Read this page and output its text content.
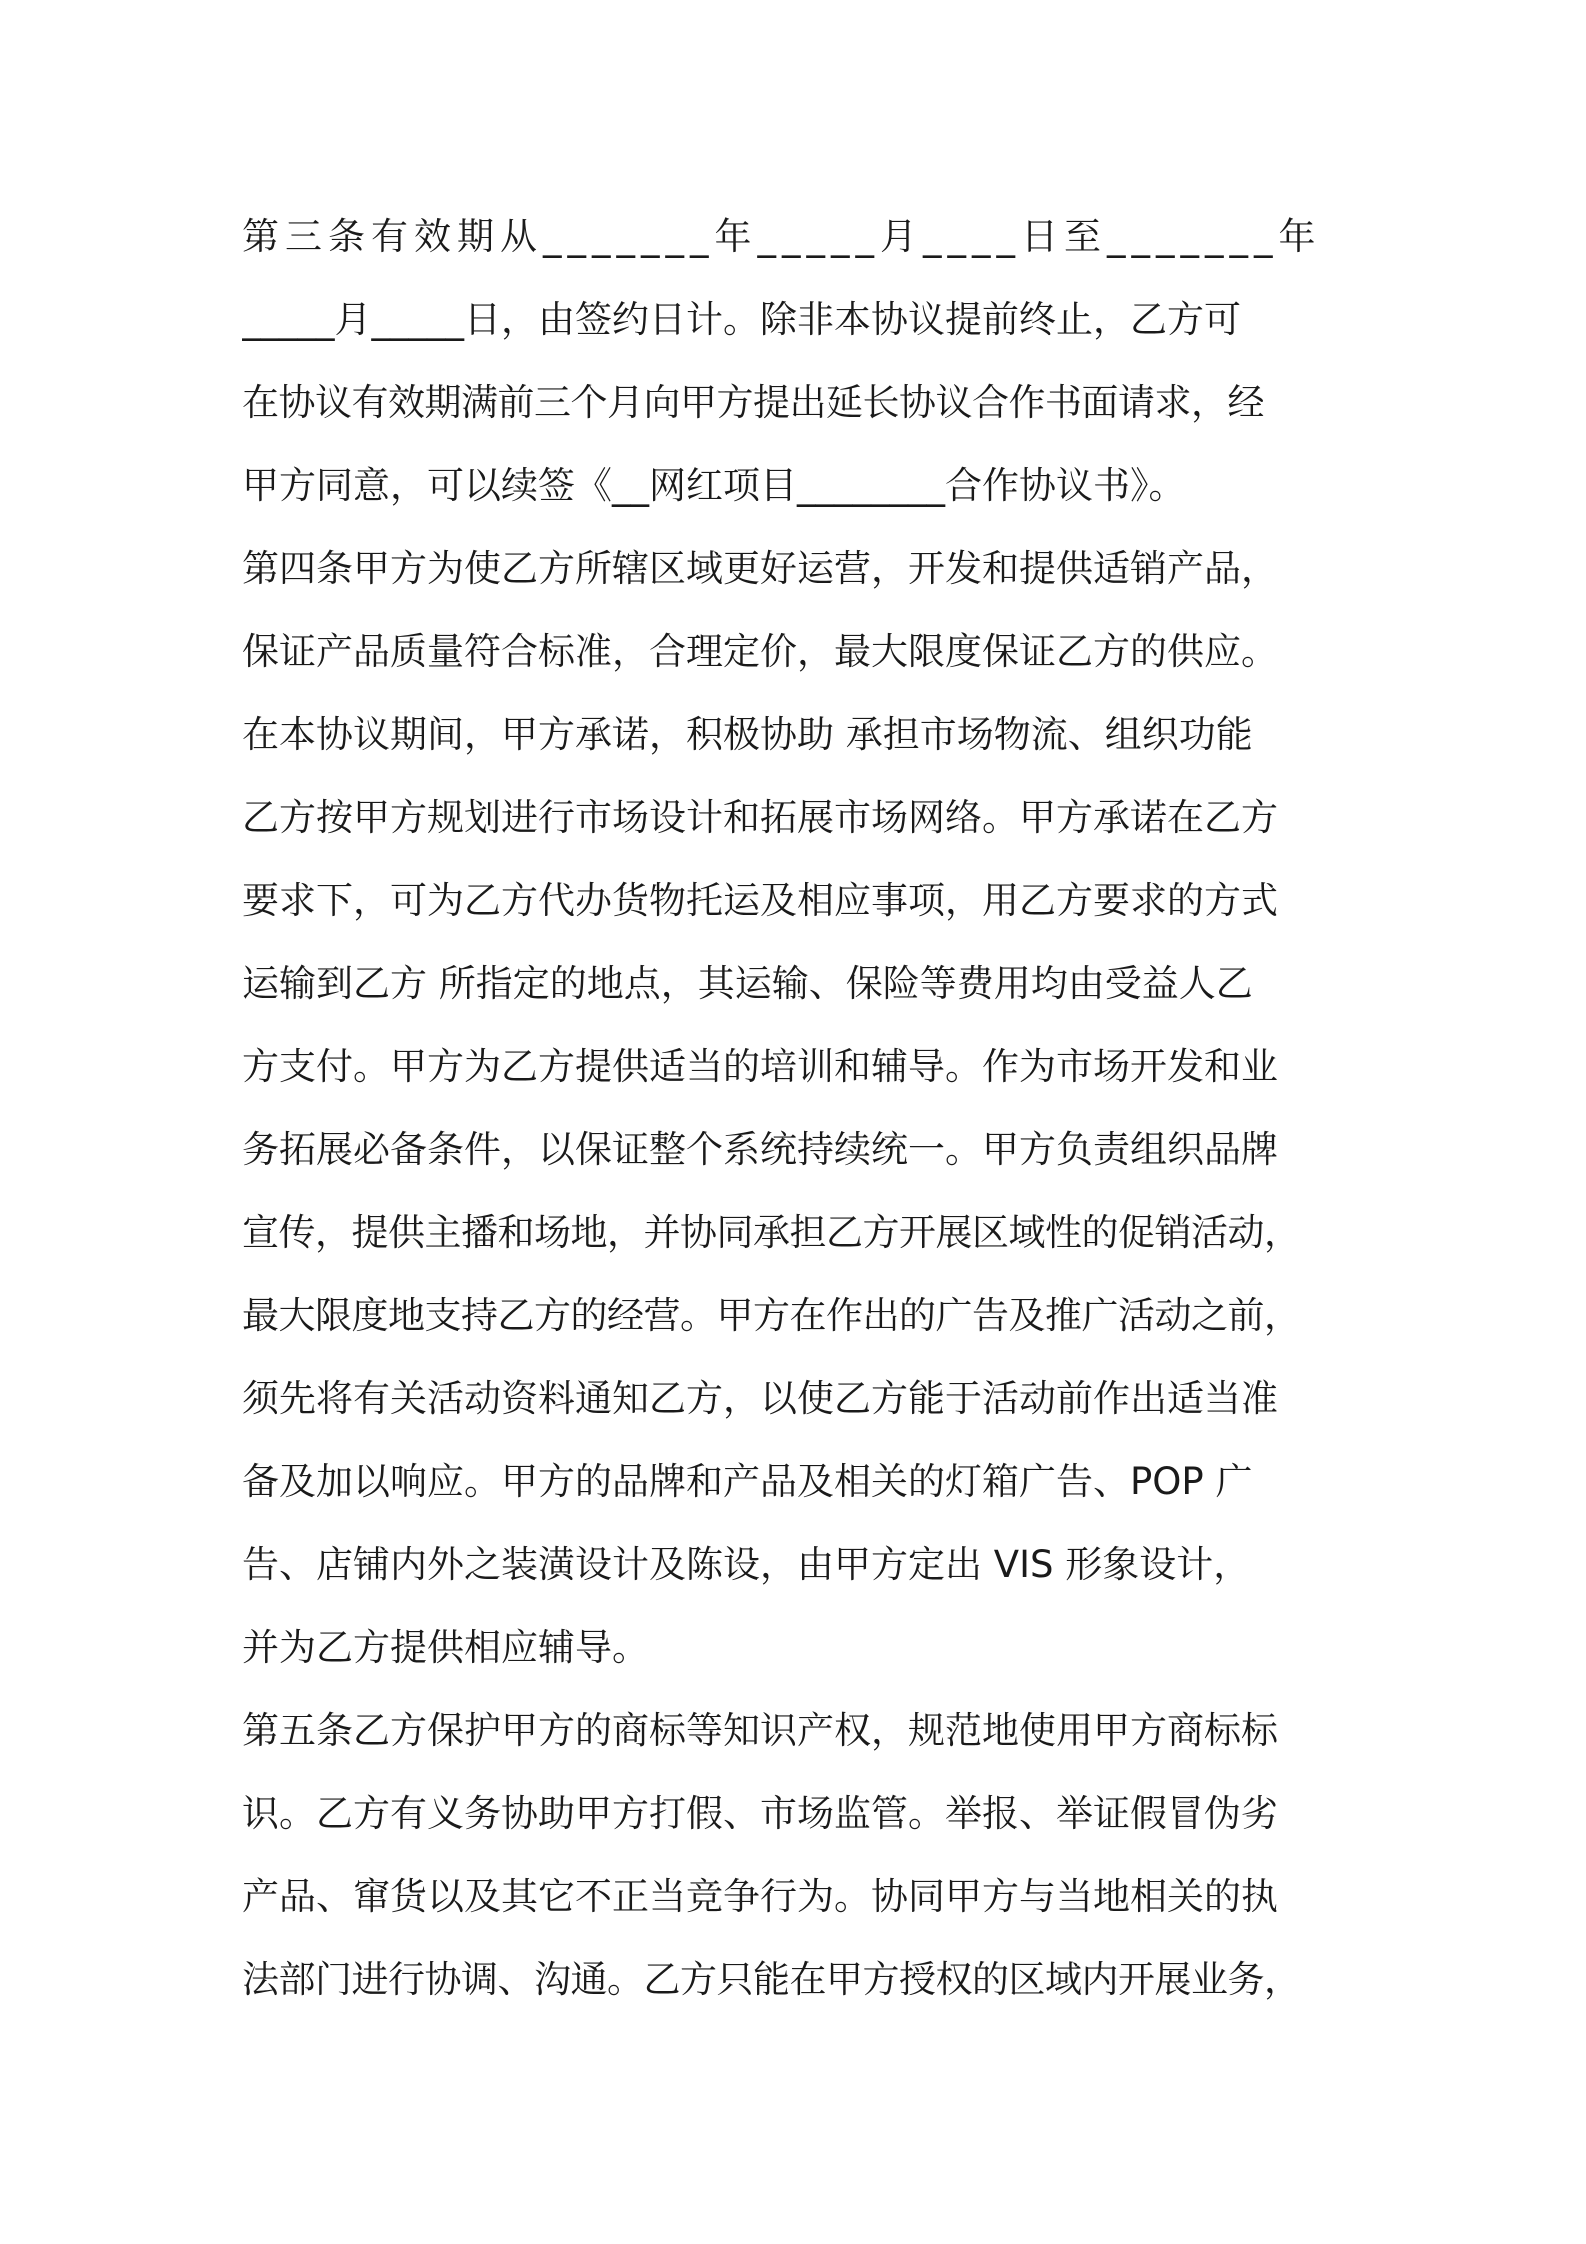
第三条有效期从_______年_____月____日至_______年
_____月_____日，由签约日计。除非本协议提前终止，乙方可
在协议有效期满前三个月向甲方提出延长协议合作书面请求，经
甲方同意，可以续签《__网红项目________合作协议书》。
第四条甲方为使乙方所辖区域更好运营，开发和提供适销产品，
保证产品质量符合标准，合理定价，最大限度保证乙方的供应。
在本协议期间，甲方承诺，积极协助 承担市场物流、组织功能
乙方按甲方规划进行市场设计和拓展市场网络。甲方承诺在乙方
要求下，可为乙方代办货物托运及相应事项，用乙方要求的方式
运输到乙方 所指定的地点，其运输、保险等费用均由受益人乙
方支付。甲方为乙方提供适当的培训和辅导。作为市场开发和业
务拓展必备条件，以保证整个系统持续统一。甲方负责组织品牌
宣传，提供主播和场地，并协同承担乙方开展区域性的促销活动，
最大限度地支持乙方的经营。甲方在作出的广告及推广活动之前，
须先将有关活动资料通知乙方，以使乙方能于活动前作出适当准
备及加以响应。甲方的品牌和产品及相关的灯箱广告、POP 广
告、店铺内外之装潢设计及陈设，由甲方定出 VIS 形象设计，
并为乙方提供相应辅导。
第五条乙方保护甲方的商标等知识产权，规范地使用甲方商标标
识。乙方有义务协助甲方打假、市场监管。举报、举证假冒伪劣
产品、窜货以及其它不正当竞争行为。协同甲方与当地相关的执
法部门进行协调、沟通。乙方只能在甲方授权的区域内开展业务，
